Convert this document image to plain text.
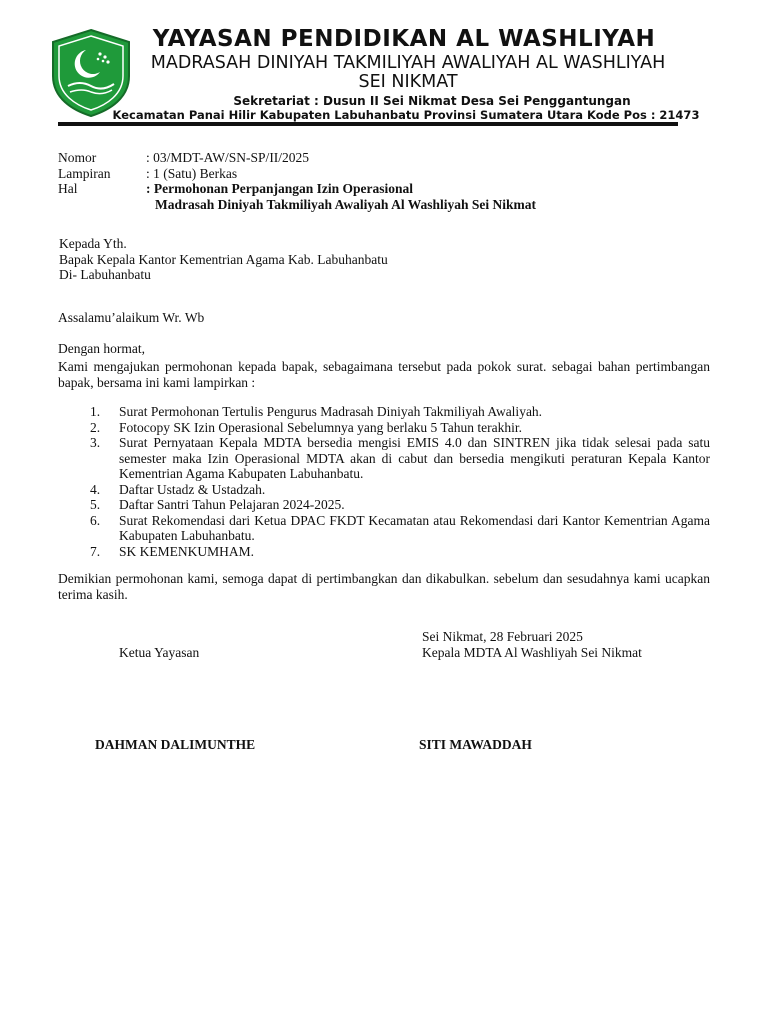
YAYASAN PENDIDIKAN AL WASHLIYAH
MADRASAH DINIYAH TAKMILIYAH AWALIYAH AL WASHLIYAH
SEI NIKMAT
Sekretariat : Dusun II Sei Nikmat Desa Sei Penggantungan
Kecamatan Panai Hilir Kabupaten Labuhanbatu Provinsi Sumatera Utara Kode Pos : 21473
Nomor	: 03/MDT-AW/SN-SP/II/2025
Lampiran	: 1 (Satu) Berkas
Hal	: Permohonan Perpanjangan Izin Operasional
Madrasah Diniyah Takmiliyah Awaliyah Al Washliyah Sei Nikmat
Kepada Yth.
Bapak Kepala Kantor Kementrian Agama Kab. Labuhanbatu
Di- Labuhanbatu
Assalamu’alaikum Wr. Wb
Dengan hormat,
Kami mengajukan permohonan kepada bapak, sebagaimana tersebut pada pokok surat. sebagai bahan pertimbangan bapak, bersama ini kami lampirkan :
1.	Surat Permohonan Tertulis Pengurus Madrasah Diniyah Takmiliyah Awaliyah.
2.	Fotocopy SK Izin Operasional Sebelumnya yang berlaku 5 Tahun terakhir.
3.	Surat Pernyataan Kepala MDTA bersedia mengisi EMIS 4.0 dan SINTREN jika tidak selesai pada satu semester maka Izin Operasional MDTA akan di cabut dan bersedia mengikuti peraturan Kepala Kantor Kementrian Agama Kabupaten Labuhanbatu.
4.	Daftar Ustadz & Ustadzah.
5.	Daftar Santri Tahun Pelajaran 2024-2025.
6.	Surat Rekomendasi dari Ketua DPAC FKDT Kecamatan atau Rekomendasi dari Kantor Kementrian Agama Kabupaten Labuhanbatu.
7.	SK KEMENKUMHAM.
Demikian permohonan kami, semoga dapat di pertimbangkan dan dikabulkan. sebelum dan sesudahnya kami ucapkan terima kasih.
Sei Nikmat, 28 Februari 2025
Ketua Yayasan	Kepala MDTA Al Washliyah Sei Nikmat
DAHMAN DALIMUNTHE	SITI MAWADDAH
